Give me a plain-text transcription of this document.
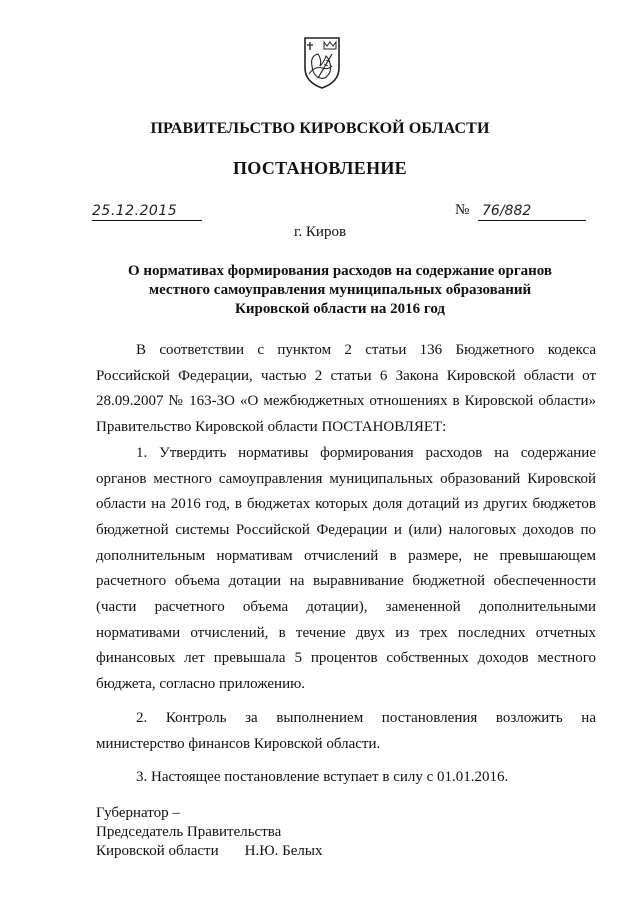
ПРАВИТЕЛЬСТВО КИРОВСКОЙ ОБЛАСТИ
ПОСТАНОВЛЕНИЕ
25.12.2015	№ 76/882
г. Киров
О нормативах формирования расходов на содержание органов
местного самоуправления муниципальных образований
Кировской области на 2016 год

В соответствии с пунктом 2 статьи 136 Бюджетного кодекса Российской Федерации, частью 2 статьи 6 Закона Кировской области от 28.09.2007 № 163-ЗО «О межбюджетных отношениях в Кировской области» Правительство Кировской области ПОСТАНОВЛЯЕТ:

1. Утвердить нормативы формирования расходов на содержание органов местного самоуправления муниципальных образований Кировской области на 2016 год, в бюджетах которых доля дотаций из других бюджетов бюджетной системы Российской Федерации и (или) налоговых доходов по дополнительным нормативам отчислений в размере, не превышающем расчетного объема дотации на выравнивание бюджетной обеспеченности (части расчетного объема дотации), замененной дополнительными нормативами отчислений, в течение двух из трех последних отчетных финансовых лет превышала 5 процентов собственных доходов местного бюджета, согласно приложению.

2. Контроль за выполнением постановления возложить на министерство финансов Кировской области.

3. Настоящее постановление вступает в силу с 01.01.2016.

Губернатор –
Председатель Правительства
Кировской области Н.Ю. Белых
